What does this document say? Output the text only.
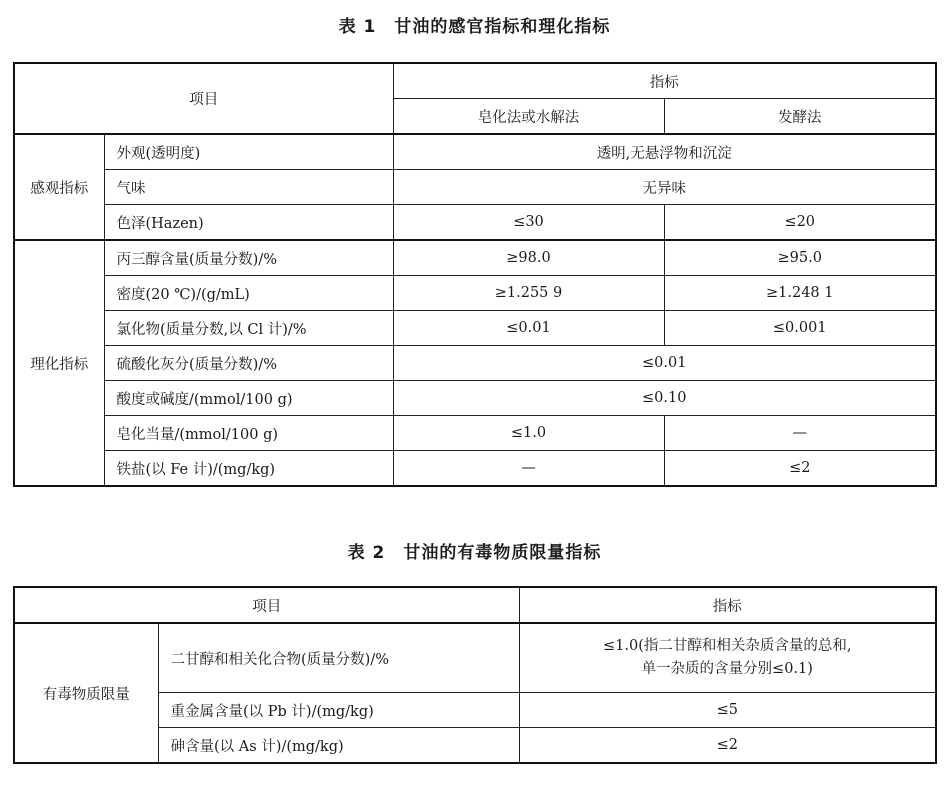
表 1　甘油的感官指标和理化指标
项目		指标	
		皂化法或水解法	发酵法
感观指标	外观(透明度)	透明,无悬浮物和沉淀	
	气味	无异味	
	色泽(Hazen)	≤30	≤20
理化指标	丙三醇含量(质量分数)/%	≥98.0	≥95.0
	密度(20 ℃)/(g/mL)	≥1.255 9	≥1.248 1
	氯化物(质量分数,以 Cl 计)/%	≤0.01	≤0.001
	硫酸化灰分(质量分数)/%	≤0.01	
	酸度或碱度/(mmol/100 g)	≤0.10	
	皂化当量/(mmol/100 g)	≤1.0	—
	铁盐(以 Fe 计)/(mg/kg)	—	≤2
表 2　甘油的有毒物质限量指标
项目		指标
有毒物质限量	二甘醇和相关化合物(质量分数)/%	≤1.0(指二甘醇和相关杂质含量的总和,
单一杂质的含量分别≤0.1)

	重金属含量(以 Pb 计)/(mg/kg)	≤5
	砷含量(以 As 计)/(mg/kg)	≤2
